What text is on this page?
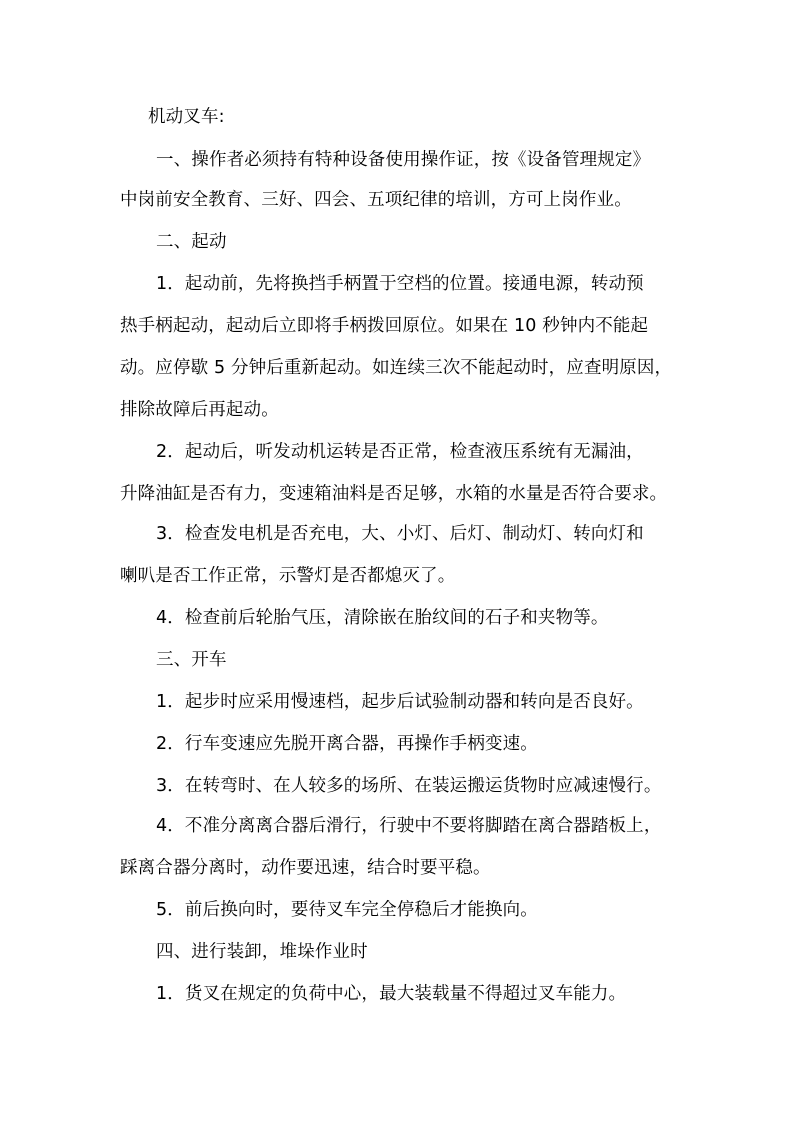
机动叉车:
一、操作者必须持有特种设备使用操作证，按《设备管理规定》
中岗前安全教育、三好、四会、五项纪律的培训，方可上岗作业。
二、起动
1．起动前，先将换挡手柄置于空档的位置。接通电源，转动预
热手柄起动，起动后立即将手柄拨回原位。如果在 10 秒钟内不能起
动。应停歇 5 分钟后重新起动。如连续三次不能起动时，应查明原因，
排除故障后再起动。
2．起动后，听发动机运转是否正常，检查液压系统有无漏油，
升降油缸是否有力，变速箱油料是否足够，水箱的水量是否符合要求。
3．检查发电机是否充电，大、小灯、后灯、制动灯、转向灯和
喇叭是否工作正常，示警灯是否都熄灭了。
4．检查前后轮胎气压，清除嵌在胎纹间的石子和夹物等。
三、开车
1．起步时应采用慢速档，起步后试验制动器和转向是否良好。
2．行车变速应先脱开离合器，再操作手柄变速。
3．在转弯时、在人较多的场所、在装运搬运货物时应减速慢行。
4．不准分离离合器后滑行，行驶中不要将脚踏在离合器踏板上，
踩离合器分离时，动作要迅速，结合时要平稳。
5．前后换向时，要待叉车完全停稳后才能换向。
四、进行装卸，堆垛作业时
1．货叉在规定的负荷中心，最大装载量不得超过叉车能力。
